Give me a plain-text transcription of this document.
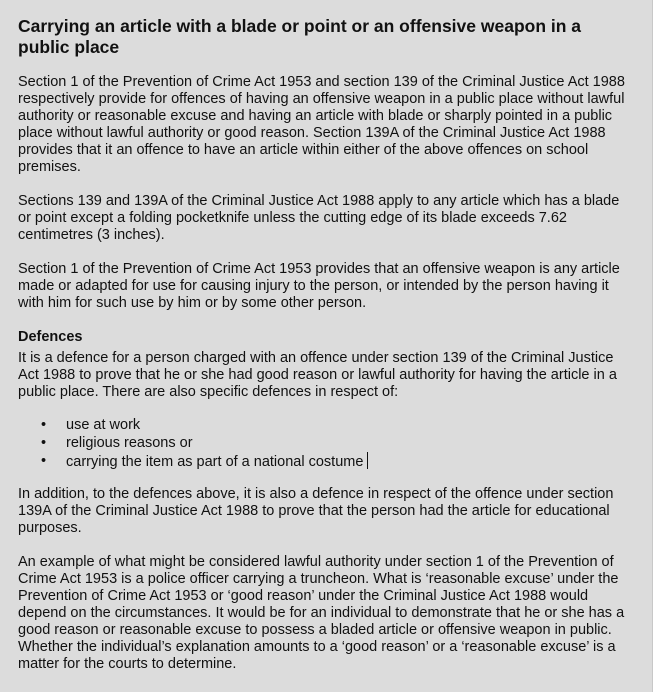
Carrying an article with a blade or point or an offensive weapon in a public place

Section 1 of the Prevention of Crime Act 1953 and section 139 of the Criminal Justice Act 1988 respectively provide for offences of having an offensive weapon in a public place without lawful authority or reasonable excuse and having an article with blade or sharply pointed in a public place without lawful authority or good reason. Section 139A of the Criminal Justice Act 1988 provides that it an offence to have an article within either of the above offences on school premises.

Sections 139 and 139A of the Criminal Justice Act 1988 apply to any article which has a blade or point except a folding pocketknife unless the cutting edge of its blade exceeds 7.62 centimetres (3 inches).

Section 1 of the Prevention of Crime Act 1953 provides that an offensive weapon is any article made or adapted for use for causing injury to the person, or intended by the person having it with him for such use by him or by some other person.

Defences

It is a defence for a person charged with an offence under section 139 of the Criminal Justice Act 1988 to prove that he or she had good reason or lawful authority for having the article in a public place. There are also specific defences in respect of:

• use at work
• religious reasons or
• carrying the item as part of a national costume

In addition, to the defences above, it is also a defence in respect of the offence under section 139A of the Criminal Justice Act 1988 to prove that the person had the article for educational purposes.

An example of what might be considered lawful authority under section 1 of the Prevention of Crime Act 1953 is a police officer carrying a truncheon. What is ‘reasonable excuse’ under the Prevention of Crime Act 1953 or ‘good reason’ under the Criminal Justice Act 1988 would depend on the circumstances. It would be for an individual to demonstrate that he or she has a good reason or reasonable excuse to possess a bladed article or offensive weapon in public. Whether the individual’s explanation amounts to a ‘good reason’ or a ‘reasonable excuse’ is a matter for the courts to determine.
